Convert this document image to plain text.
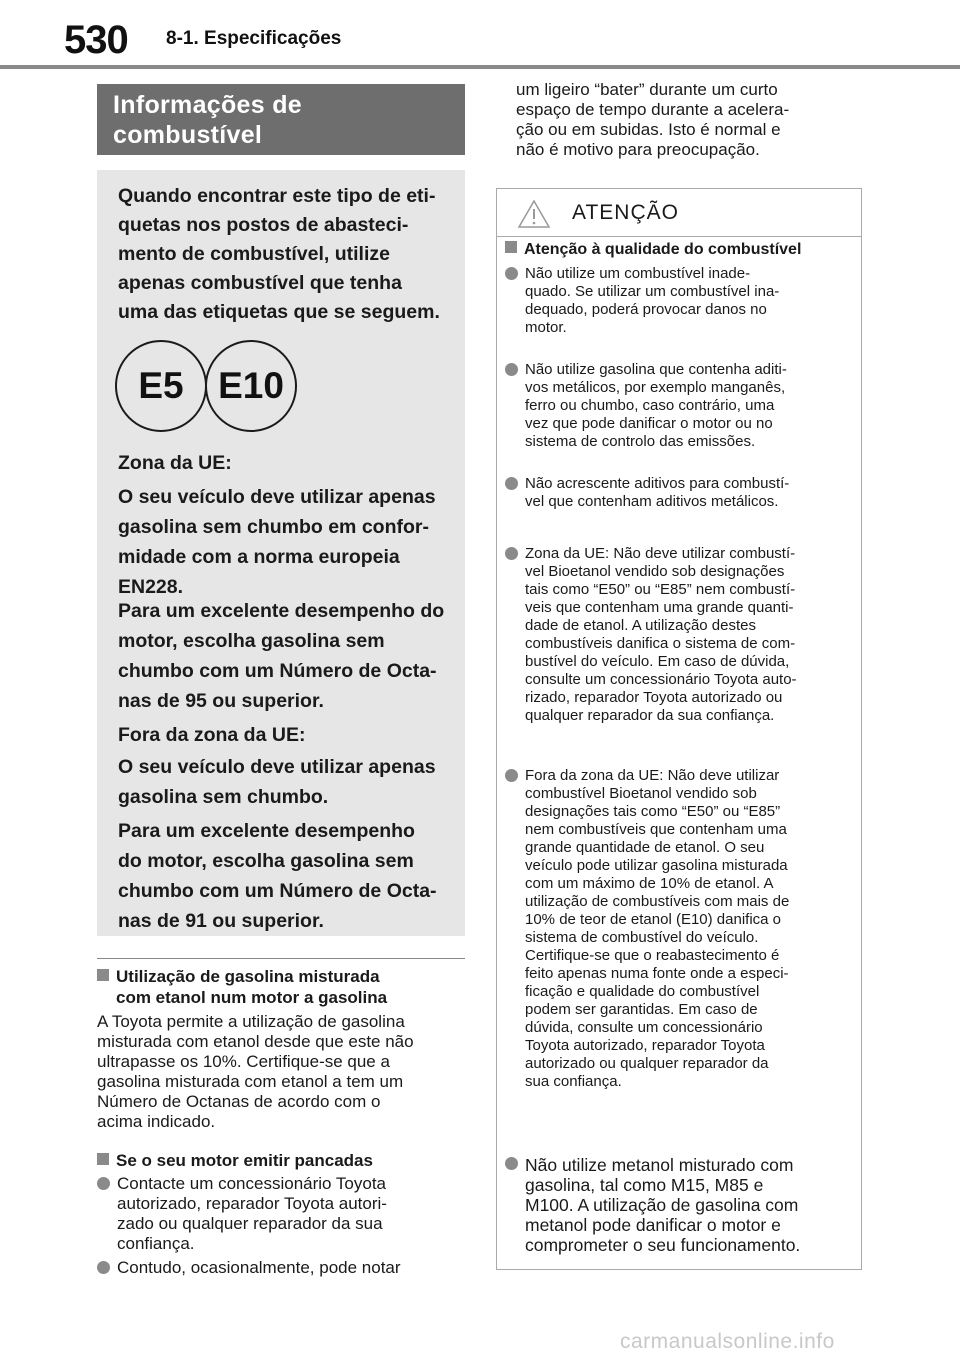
530 8-1. Especificações
Informações de
combustível

Quando encontrar este tipo de eti-

quetas nos postos de abasteci-

mento de combustível, utilize

apenas combustível que tenha

uma das etiquetas que se seguem.

Zona da UE:

O seu veículo deve utilizar apenas

gasolina sem chumbo em confor-

midade com a norma europeia

EN228.

Para um excelente desempenho do

motor, escolha gasolina sem

chumbo com um Número de Octa-

nas de 95 ou superior.

Fora da zona da UE:

O seu veículo deve utilizar apenas

gasolina sem chumbo.

Para um excelente desempenho

do motor, escolha gasolina sem

chumbo com um Número de Octa-

nas de 91 ou superior.

E5 E10
Utilização de gasolina misturada
com etanol num motor a gasolina
A Toyota permite a utilização de gasolina
misturada com etanol desde que este não
ultrapasse os 10%. Certifique-se que a
gasolina misturada com etanol a tem um
Número de Octanas de acordo com o
acima indicado.
Se o seu motor emitir pancadas
Contacte um concessionário Toyota
autorizado, reparador Toyota autori-
zado ou qualquer reparador da sua
confiança.
Contudo, ocasionalmente, pode notar
um ligeiro “bater” durante um curto
espaço de tempo durante a acelera-
ção ou em subidas. Isto é normal e
não é motivo para preocupação.
ATENÇÃO
Atenção à qualidade do combustível
Não utilize um combustível inade-
quado. Se utilizar um combustível ina-
dequado, poderá provocar danos no
motor.
Não utilize gasolina que contenha aditi-
vos metálicos, por exemplo manganês,
ferro ou chumbo, caso contrário, uma
vez que pode danificar o motor ou no
sistema de controlo das emissões.
Não acrescente aditivos para combustí-
vel que contenham aditivos metálicos.
Zona da UE: Não deve utilizar combustí-
vel Bioetanol vendido sob designações
tais como “E50” ou “E85” nem combustí-
veis que contenham uma grande quanti-
dade de etanol. A utilização destes
combustíveis danifica o sistema de com-
bustível do veículo. Em caso de dúvida,
consulte um concessionário Toyota auto-
rizado, reparador Toyota autorizado ou
qualquer reparador da sua confiança.
Fora da zona da UE: Não deve utilizar
combustível Bioetanol vendido sob
designações tais como “E50” ou “E85”
nem combustíveis que contenham uma
grande quantidade de etanol. O seu
veículo pode utilizar gasolina misturada
com um máximo de 10% de etanol. A
utilização de combustíveis com mais de
10% de teor de etanol (E10) danifica o
sistema de combustível do veículo.
Certifique-se que o reabastecimento é
feito apenas numa fonte onde a especi-
ficação e qualidade do combustível
podem ser garantidas. Em caso de
dúvida, consulte um concessionário
Toyota autorizado, reparador Toyota
autorizado ou qualquer reparador da
sua confiança.
Não utilize metanol misturado com
gasolina, tal como M15, M85 e
M100. A utilização de gasolina com
metanol pode danificar o motor e
comprometer o seu funcionamento.
carmanualsonline.info
